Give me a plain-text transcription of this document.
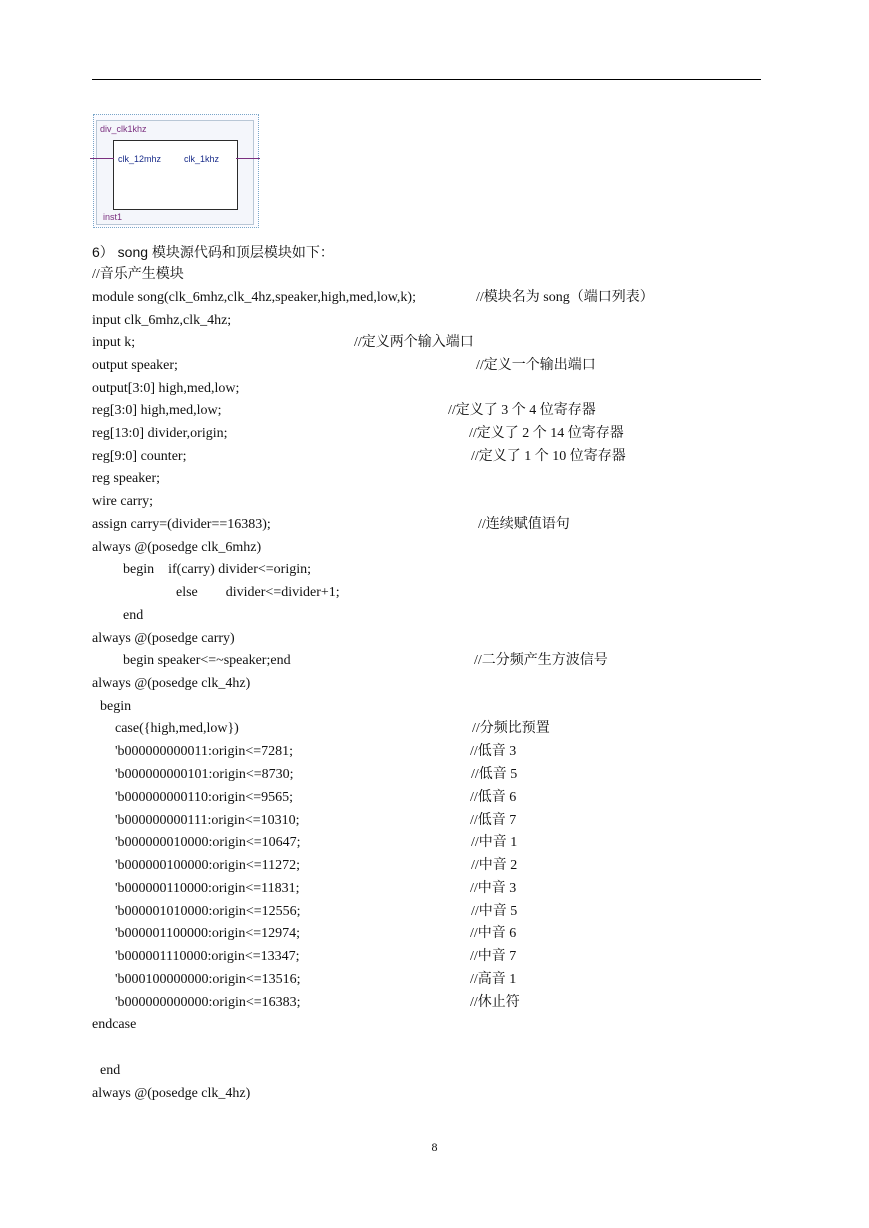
div_clk1khz
clk_12mhz	clk_1khz
inst1
6） song 模块源代码和顶层模块如下：
//音乐产生模块
module song(clk_6mhz,clk_4hz,speaker,high,med,low,k);	//模块名为 song（端口列表）
input clk_6mhz,clk_4hz;
input k;	//定义两个输入端口
output speaker;	//定义一个输出端口
output[3:0] high,med,low;
reg[3:0] high,med,low;	//定义了 3 个 4 位寄存器
reg[13:0] divider,origin;	//定义了 2 个 14 位寄存器
reg[9:0] counter;	//定义了 1 个 10 位寄存器
reg speaker;
wire carry;
assign carry=(divider==16383);	//连续赋值语句
always @(posedge clk_6mhz)
begin    if(carry) divider<=origin;
else        divider<=divider+1;
end
always @(posedge carry)
begin speaker<=~speaker;end	//二分频产生方波信号
always @(posedge clk_4hz)
begin
case({high,med,low})	//分频比预置
'b000000000011:origin<=7281;	//低音 3
'b000000000101:origin<=8730;	//低音 5
'b000000000110:origin<=9565;	//低音 6
'b000000000111:origin<=10310;	//低音 7
'b000000010000:origin<=10647;	//中音 1
'b000000100000:origin<=11272;	//中音 2
'b000000110000:origin<=11831;	//中音 3
'b000001010000:origin<=12556;	//中音 5
'b000001100000:origin<=12974;	//中音 6
'b000001110000:origin<=13347;	//中音 7
'b000100000000:origin<=13516;	//高音 1
'b000000000000:origin<=16383;	//休止符
endcase
end
always @(posedge clk_4hz)
8
